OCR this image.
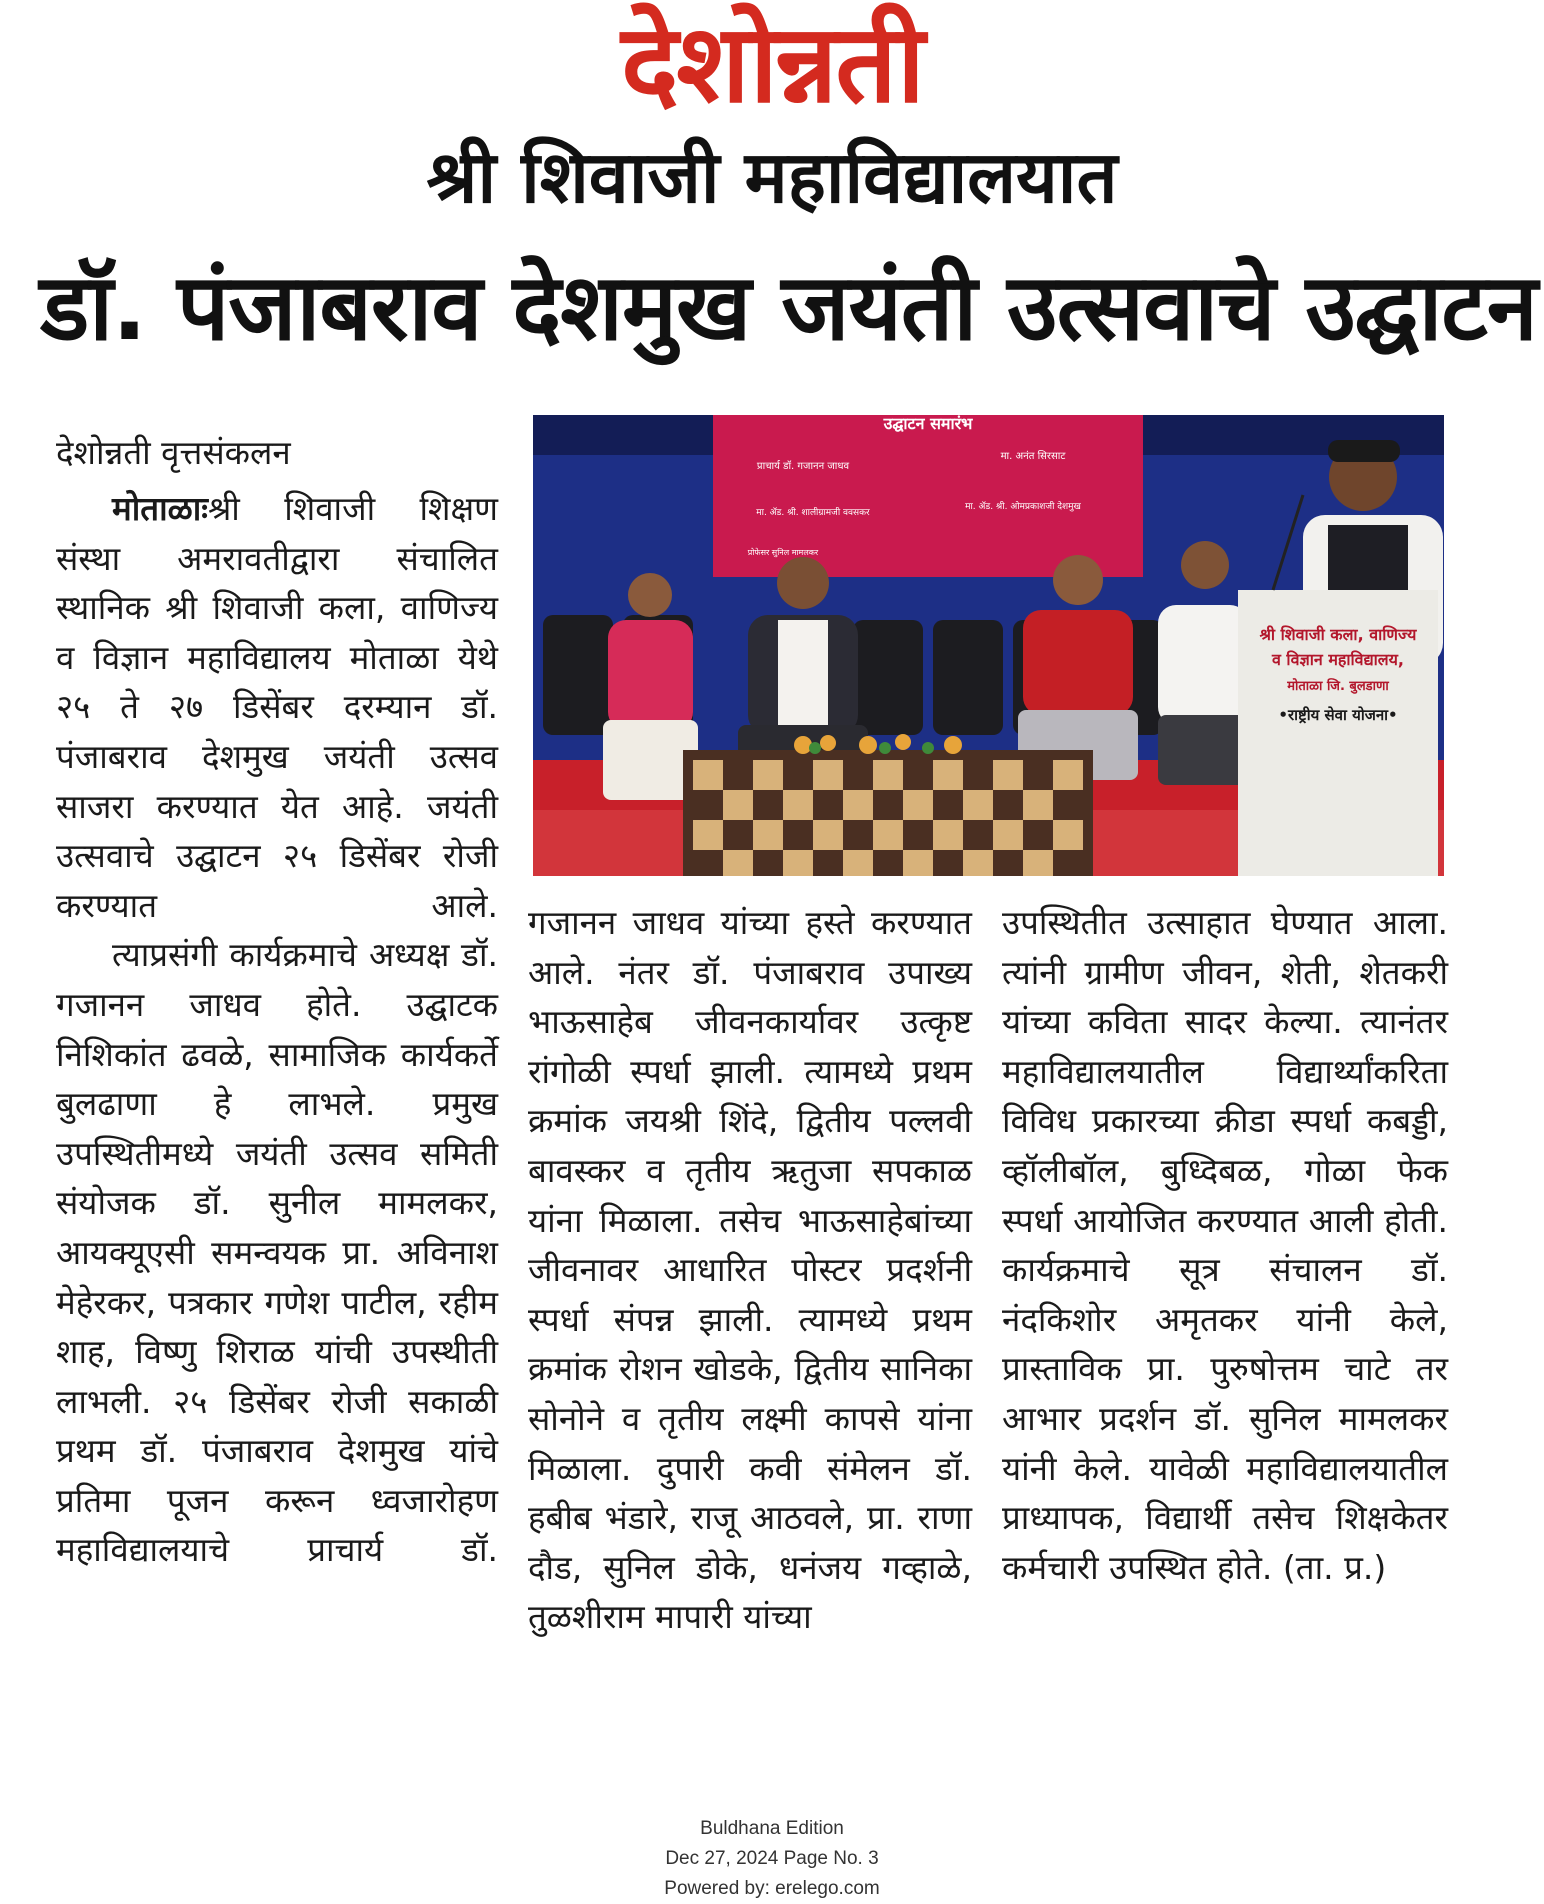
देशोन्नती
श्री शिवाजी महाविद्यालयात
डॉ. पंजाबराव देशमुख जयंती उत्सवाचे उद्घाटन
देशोन्नती वृत्तसंकलन

मोताळाःश्री शिवाजी शिक्षण संस्था अमरावतीद्वारा संचालित स्थानिक श्री शिवाजी कला, वाणिज्य व विज्ञान महाविद्यालय मोताळा येथे २५ ते २७ डिसेंबर दरम्यान डॉ. पंजाबराव देशमुख जयंती उत्सव साजरा करण्यात येत आहे. जयंती उत्सवाचे उद्घाटन २५ डिसेंबर रोजी करण्यात आले.

त्याप्रसंगी कार्यक्रमाचे अध्यक्ष डॉ. गजानन जाधव होते. उद्घाटक निशिकांत ढवळे, सामाजिक कार्यकर्ते बुलढाणा हे लाभले. प्रमुख उपस्थितीमध्ये जयंती उत्सव समिती संयोजक डॉ. सुनील मामलकर, आयक्यूएसी समन्वयक प्रा. अविनाश मेहेरकर, पत्रकार गणेश पाटील, रहीम शाह, विष्णु शिराळ यांची उपस्थीती लाभली. २५ डिसेंबर रोजी सकाळी प्रथम डॉ. पंजाबराव देशमुख यांचे प्रतिमा पूजन करून ध्वजारोहण महाविद्यालयाचे प्राचार्य डॉ.

उद्घाटन समारंभ
प्राचार्य डॉ. गजानन जाधव
मा. अनंत सिरसाट
मा. ॲड. श्री. शालीग्रामजी ववसकर
मा. ॲड. श्री. ओमप्रकाशजी देशमुख
प्रोफेसर सुनिल मामलकर
श्री शिवाजी कला, वाणिज्य
व विज्ञान महाविद्यालय,
मोताळा जि. बुलडाणा
•राष्ट्रीय सेवा योजना•

गजानन जाधव यांच्या हस्ते करण्यात आले. नंतर डॉ. पंजाबराव उपाख्य भाऊसाहेब जीवनकार्यावर उत्कृष्ट रांगोळी स्पर्धा झाली. त्यामध्ये प्रथम क्रमांक जयश्री शिंदे, द्वितीय पल्लवी बावस्कर व तृतीय ऋतुजा सपकाळ यांना मिळाला. तसेच भाऊसाहेबांच्या जीवनावर आधारित पोस्टर प्रदर्शनी स्पर्धा संपन्न झाली. त्यामध्ये प्रथम क्रमांक रोशन खोडके, द्वितीय सानिका सोनोने व तृतीय लक्ष्मी कापसे यांना मिळाला. दुपारी कवी संमेलन डॉ. हबीब भंडारे, राजू आठवले, प्रा. राणा दौड, सुनिल डोके, धनंजय गव्हाळे, तुळशीराम मापारी यांच्या

उपस्थितीत उत्साहात घेण्यात आला. त्यांनी ग्रामीण जीवन, शेती, शेतकरी यांच्या कविता सादर केल्या. त्यानंतर महाविद्यालयातील विद्यार्थ्यांकरिता विविध प्रकारच्या क्रीडा स्पर्धा कबड्डी, व्हॉलीबॉल, बुध्दिबळ, गोळा फेक स्पर्धा आयोजित करण्यात आली होती. कार्यक्रमाचे सूत्र संचालन डॉ. नंदकिशोर अमृतकर यांनी केले, प्रास्ताविक प्रा. पुरुषोत्तम चाटे तर आभार प्रदर्शन डॉ. सुनिल मामलकर यांनी केले. यावेळी महाविद्यालयातील प्राध्यापक, विद्यार्थी तसेच शिक्षकेतर कर्मचारी उपस्थित होते. (ता. प्र.)

Buldhana Edition
Dec 27, 2024 Page No. 3
Powered by: erelego.com
